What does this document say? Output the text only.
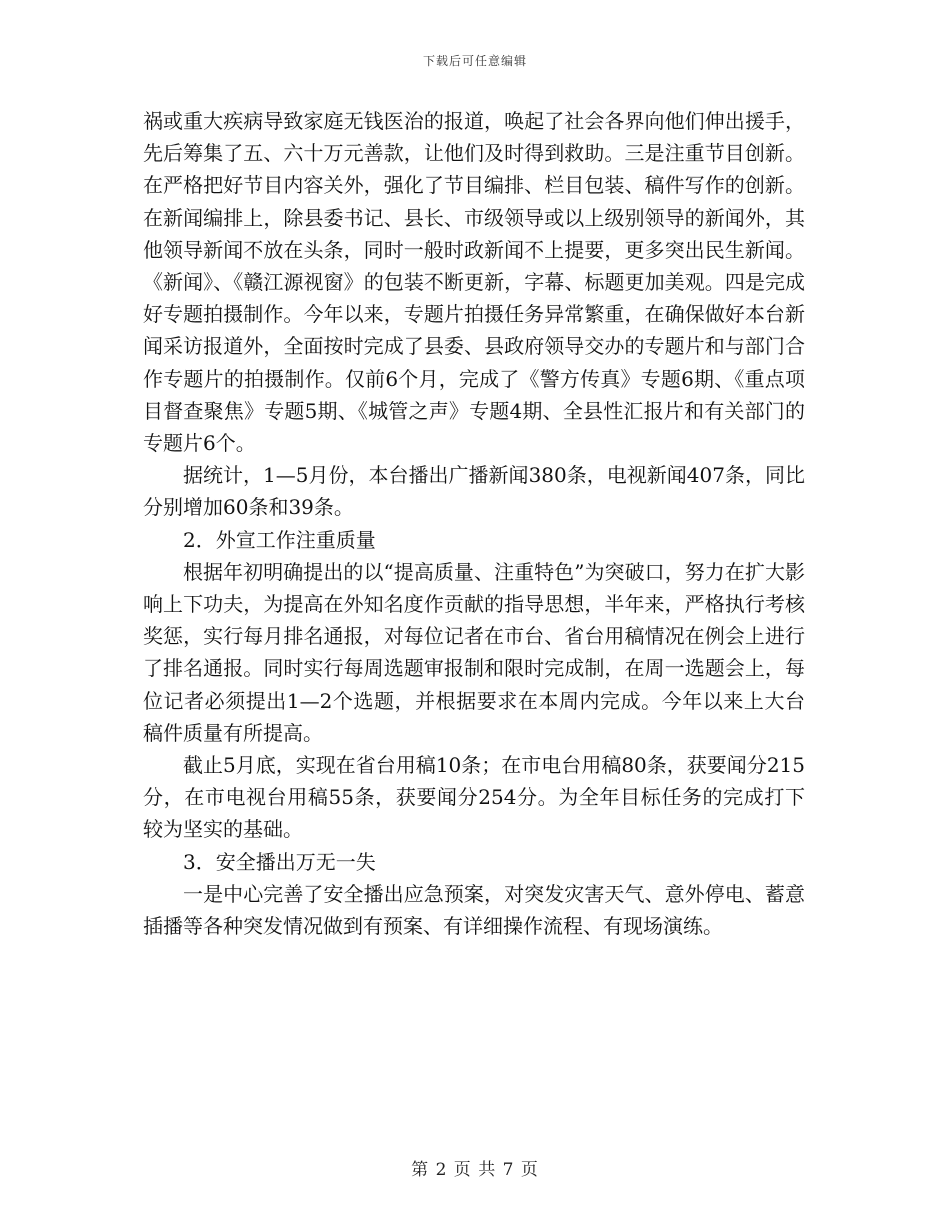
下载后可任意编辑

祸或重大疾病导致家庭无钱医治的报道，唤起了社会各界向他们伸出援手，先后筹集了五、六十万元善款，让他们及时得到救助。三是注重节目创新。在严格把好节目内容关外，强化了节目编排、栏目包装、稿件写作的创新。在新闻编排上，除县委书记、县长、市级领导或以上级别领导的新闻外，其他领导新闻不放在头条，同时一般时政新闻不上提要，更多突出民生新闻。《新闻》、《赣江源视窗》的包装不断更新，字幕、标题更加美观。四是完成好专题拍摄制作。今年以来，专题片拍摄任务异常繁重，在确保做好本台新闻采访报道外，全面按时完成了县委、县政府领导交办的专题片和与部门合作专题片的拍摄制作。仅前6个月，完成了《警方传真》专题6期、《重点项目督查聚焦》专题5期、《城管之声》专题4期、全县性汇报片和有关部门的专题片6个。

据统计，1—5月份，本台播出广播新闻380条，电视新闻407条，同比分别增加60条和39条。

2．外宣工作注重质量

根据年初明确提出的以“提高质量、注重特色”为突破口，努力在扩大影响上下功夫，为提高在外知名度作贡献的指导思想，半年来，严格执行考核奖惩，实行每月排名通报，对每位记者在市台、省台用稿情况在例会上进行了排名通报。同时实行每周选题审报制和限时完成制，在周一选题会上，每位记者必须提出1—2个选题，并根据要求在本周内完成。今年以来上大台稿件质量有所提高。

截止5月底，实现在省台用稿10条；在市电台用稿80条，获要闻分215分，在市电视台用稿55条，获要闻分254分。为全年目标任务的完成打下较为坚实的基础。

3．安全播出万无一失

一是中心完善了安全播出应急预案，对突发灾害天气、意外停电、蓄意插播等各种突发情况做到有预案、有详细操作流程、有现场演练。

第 2 页 共 7 页
